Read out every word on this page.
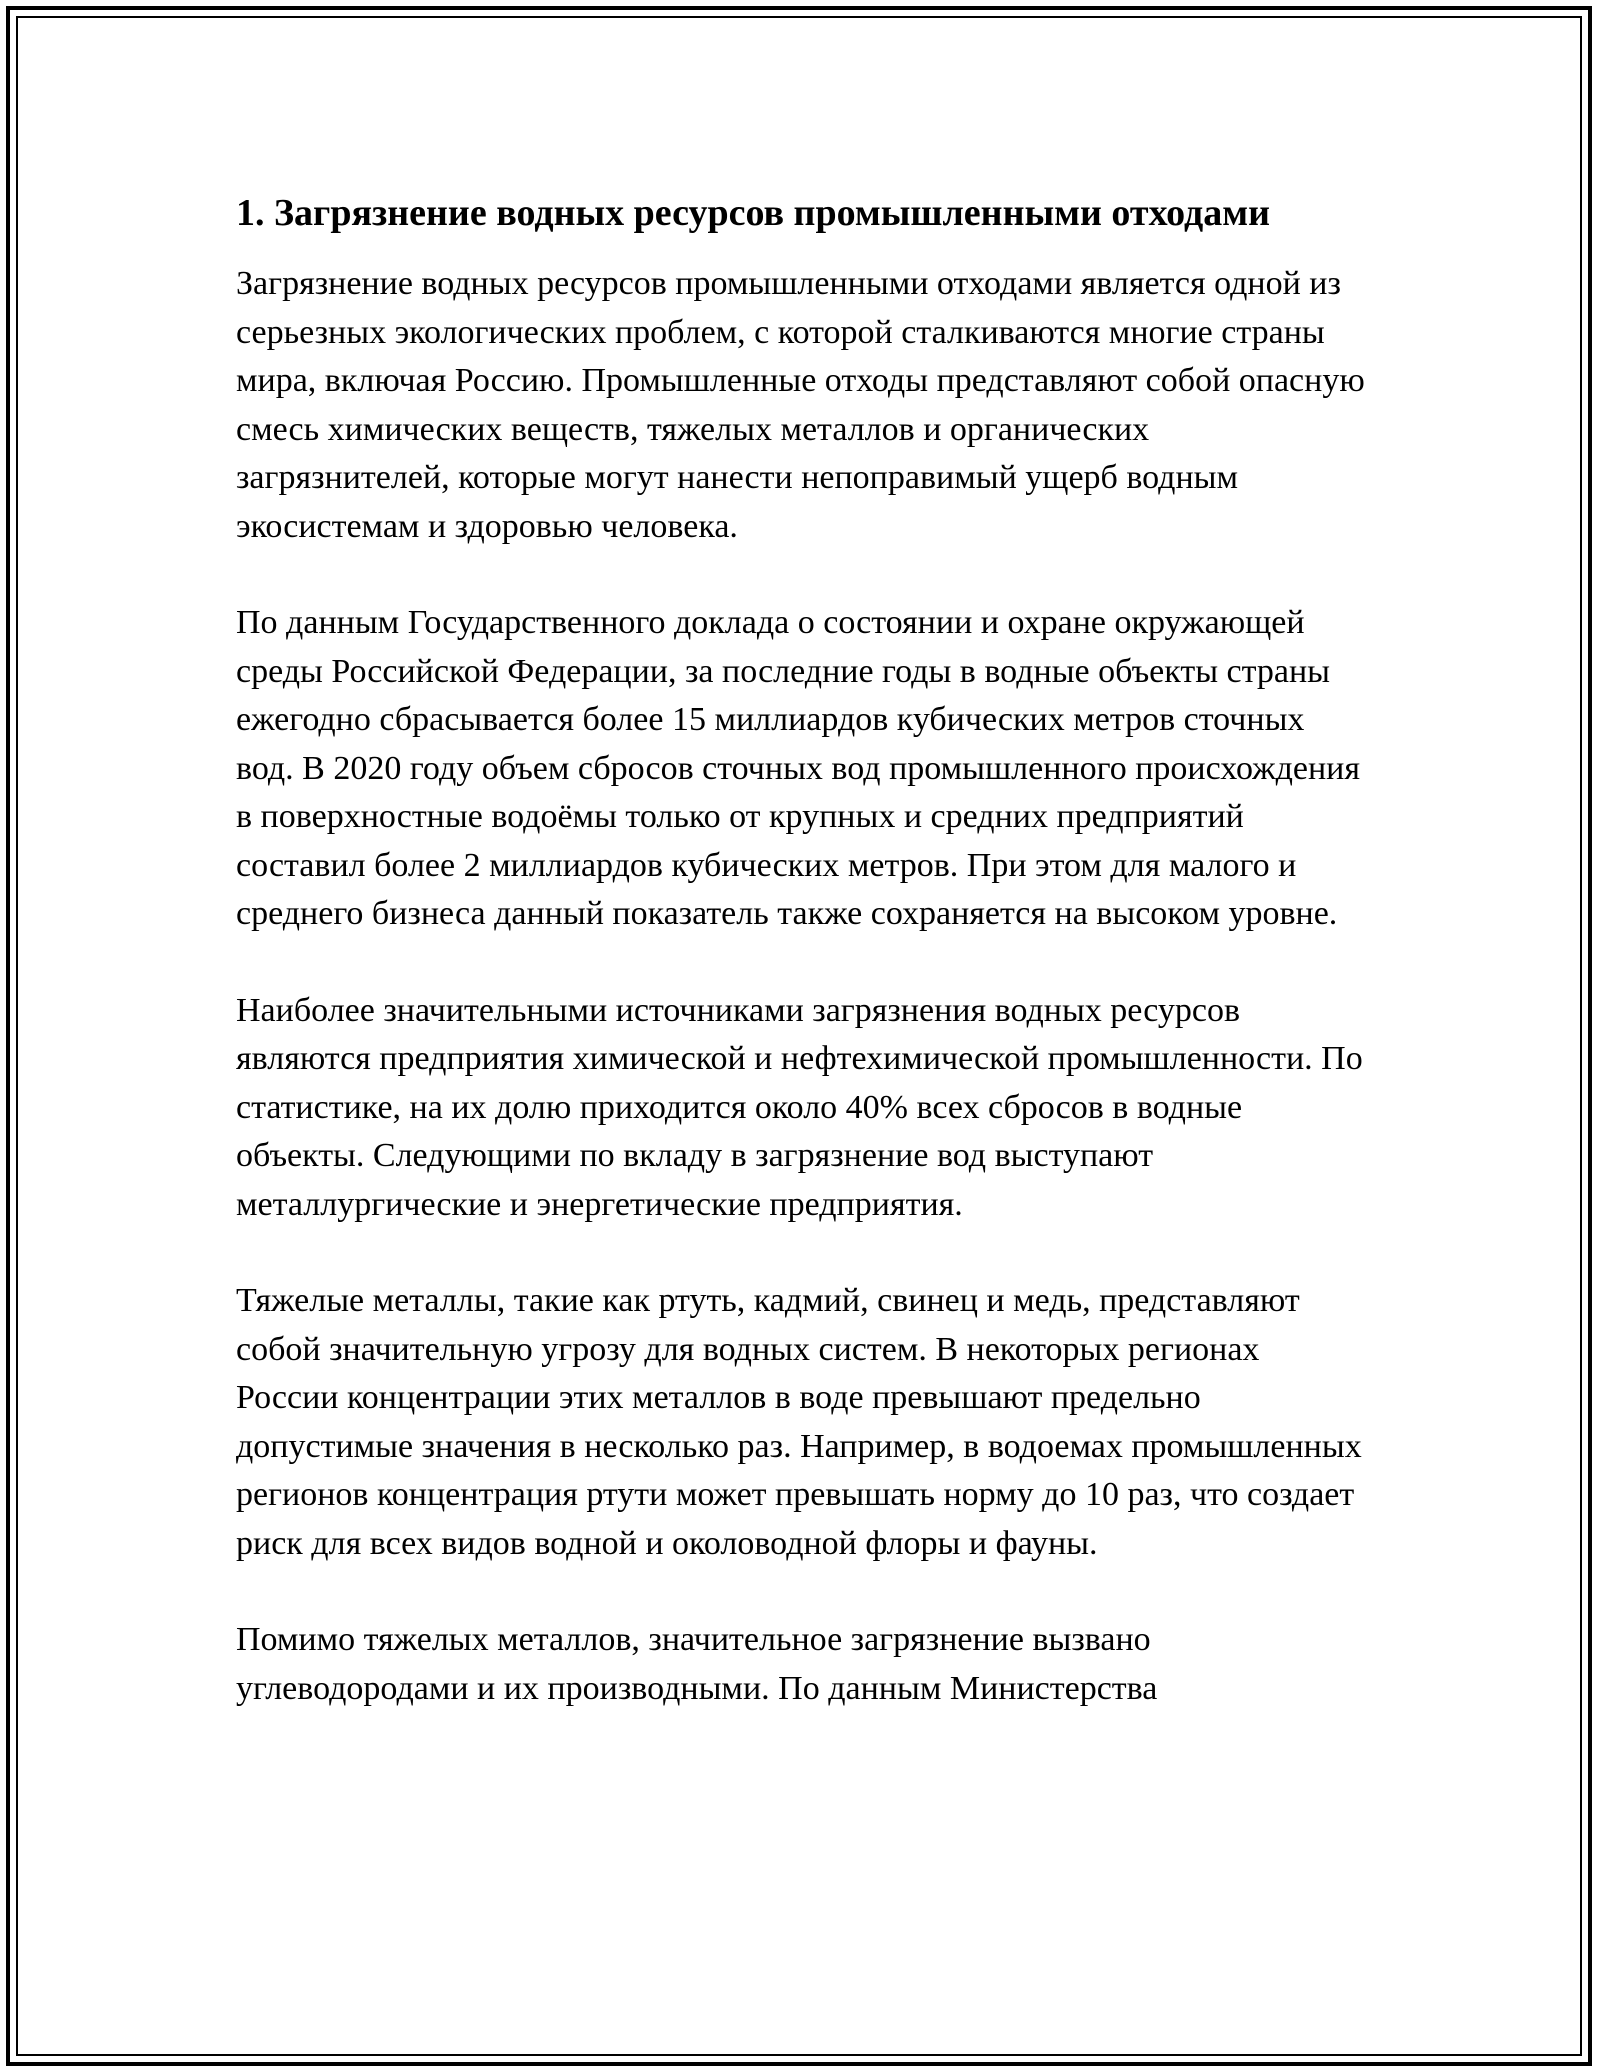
1. Загрязнение водных ресурсов промышленными отходами

Загрязнение водных ресурсов промышленными отходами является одной из серьезных экологических проблем, с которой сталкиваются многие страны мира, включая Россию. Промышленные отходы представляют собой опасную смесь химических веществ, тяжелых металлов и органических загрязнителей, которые могут нанести непоправимый ущерб водным экосистемам и здоровью человека.

По данным Государственного доклада о состоянии и охране окружающей среды Российской Федерации, за последние годы в водные объекты страны ежегодно сбрасывается более 15 миллиардов кубических метров сточных вод. В 2020 году объем сбросов сточных вод промышленного происхождения в поверхностные водоёмы только от крупных и средних предприятий составил более 2 миллиардов кубических метров. При этом для малого и среднего бизнеса данный показатель также сохраняется на высоком уровне.

Наиболее значительными источниками загрязнения водных ресурсов являются предприятия химической и нефтехимической промышленности. По статистике, на их долю приходится около 40% всех сбросов в водные объекты. Следующими по вкладу в загрязнение вод выступают металлургические и энергетические предприятия.

Тяжелые металлы, такие как ртуть, кадмий, свинец и медь, представляют собой значительную угрозу для водных систем. В некоторых регионах России концентрации этих металлов в воде превышают предельно допустимые значения в несколько раз. Например, в водоемах промышленных регионов концентрация ртути может превышать норму до 10 раз, что создает риск для всех видов водной и околоводной флоры и фауны.

Помимо тяжелых металлов, значительное загрязнение вызвано углеводородами и их производными. По данным Министерства
